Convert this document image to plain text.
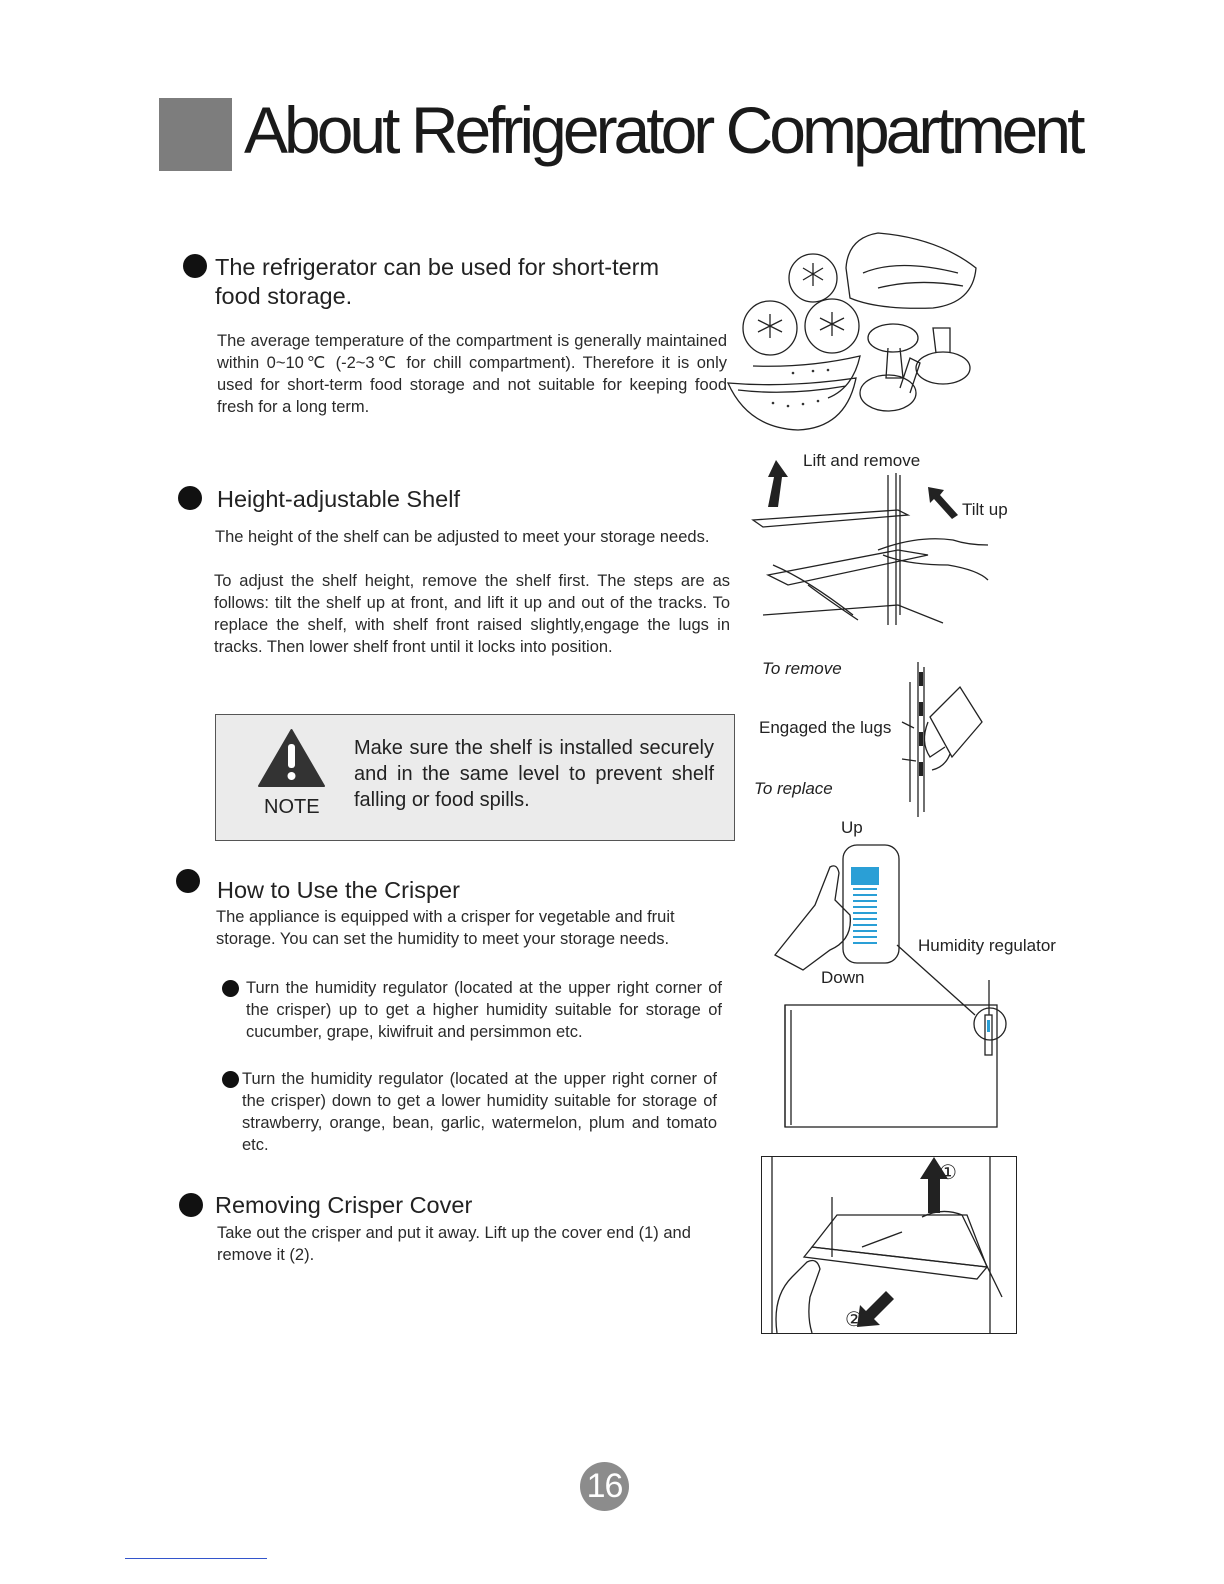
About Refrigerator Compartment
The refrigerator can be used for short-term
food storage.
The average temperature of the compartment is generally maintained within 0~10℃ (-2~3℃ for chill compartment). Therefore it is only used for short-term food storage and not suitable for keeping food fresh for a long term.
Height-adjustable Shelf
The height of the shelf can be adjusted to meet your storage needs.
To adjust the shelf height, remove the shelf first. The steps are as follows: tilt the shelf up at front, and lift it up and out of the tracks. To replace the shelf, with shelf front raised slightly,engage the lugs in tracks. Then lower shelf front until it locks into position.
Lift and remove
Tilt up
To remove
Engaged the lugs
To replace
NOTE
Make sure the shelf is installed securely and in the same level to prevent shelf falling or food spills.
How to Use the Crisper
The appliance is equipped with a crisper for vegetable and fruit storage. You can set the humidity to meet your storage needs.
Turn the humidity regulator (located at the upper right corner of the crisper) up to get a higher humidity suitable for storage of cucumber, grape, kiwifruit and persimmon etc.
Turn the humidity regulator (located at the upper right corner of the crisper) down to get a lower humidity suitable for storage of strawberry, orange, bean, garlic, watermelon, plum and tomato etc.
Up
Down
Humidity regulator
Removing Crisper Cover
Take out the crisper and put it away. Lift up the cover end (1) and remove it (2).
①
②
16
